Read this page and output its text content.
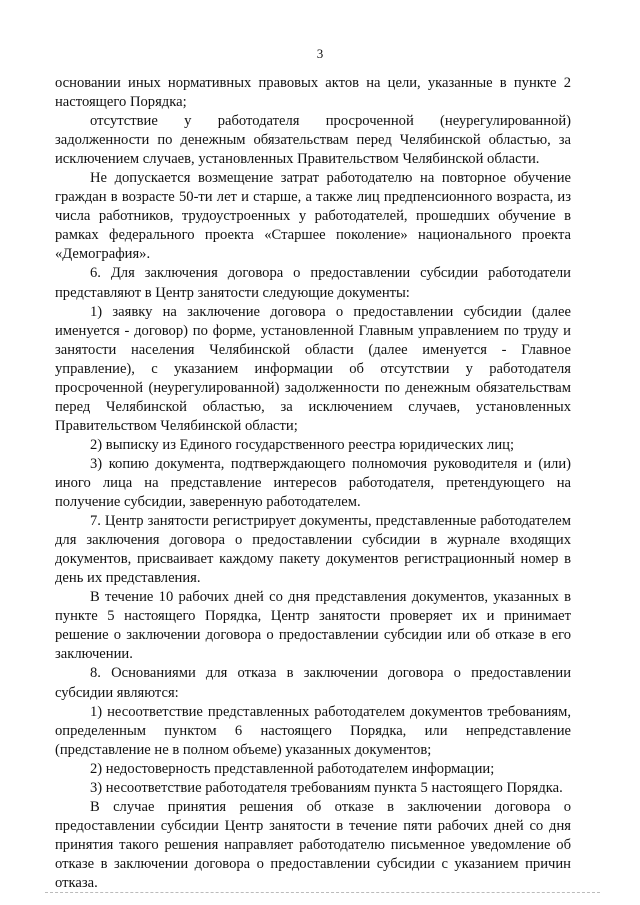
3

основании иных нормативных правовых актов на цели, указанные в пункте 2 настоящего Порядка;

отсутствие у работодателя просроченной (неурегулированной) задолженности по денежным обязательствам перед Челябинской областью, за исключением случаев, установленных Правительством Челябинской области.

Не допускается возмещение затрат работодателю на повторное обучение граждан в возрасте 50-ти лет и старше, а также лиц предпенсионного возраста, из числа работников, трудоустроенных у работодателей, прошедших обучение в рамках федерального проекта «Старшее поколение» национального проекта «Демография».

6. Для заключения договора о предоставлении субсидии работодатели представляют в Центр занятости следующие документы:

1) заявку на заключение договора о предоставлении субсидии (далее именуется - договор) по форме, установленной Главным управлением по труду и занятости населения Челябинской области (далее именуется - Главное управление), с указанием информации об отсутствии у работодателя просроченной (неурегулированной) задолженности по денежным обязательствам перед Челябинской областью, за исключением случаев, установленных Правительством Челябинской области;

2) выписку из Единого государственного реестра юридических лиц;

3) копию документа, подтверждающего полномочия руководителя и (или) иного лица на представление интересов работодателя, претендующего на получение субсидии, заверенную работодателем.

7. Центр занятости регистрирует документы, представленные работодателем для заключения договора о предоставлении субсидии в журнале входящих документов, присваивает каждому пакету документов регистрационный номер в день их представления.

В течение 10 рабочих дней со дня представления документов, указанных в пункте 5 настоящего Порядка, Центр занятости проверяет их и принимает решение о заключении договора о предоставлении субсидии или об отказе в его заключении.

8. Основаниями для отказа в заключении договора о предоставлении субсидии являются:

1) несоответствие представленных работодателем документов требованиям, определенным пунктом 6 настоящего Порядка, или непредставление (представление не в полном объеме) указанных документов;

2) недостоверность представленной работодателем информации;

3) несоответствие работодателя требованиям пункта 5 настоящего Порядка.

В случае принятия решения об отказе в заключении договора о предоставлении субсидии Центр занятости в течение пяти рабочих дней со дня принятия такого решения направляет работодателю письменное уведомление об отказе в заключении договора о предоставлении субсидии с указанием причин отказа.
